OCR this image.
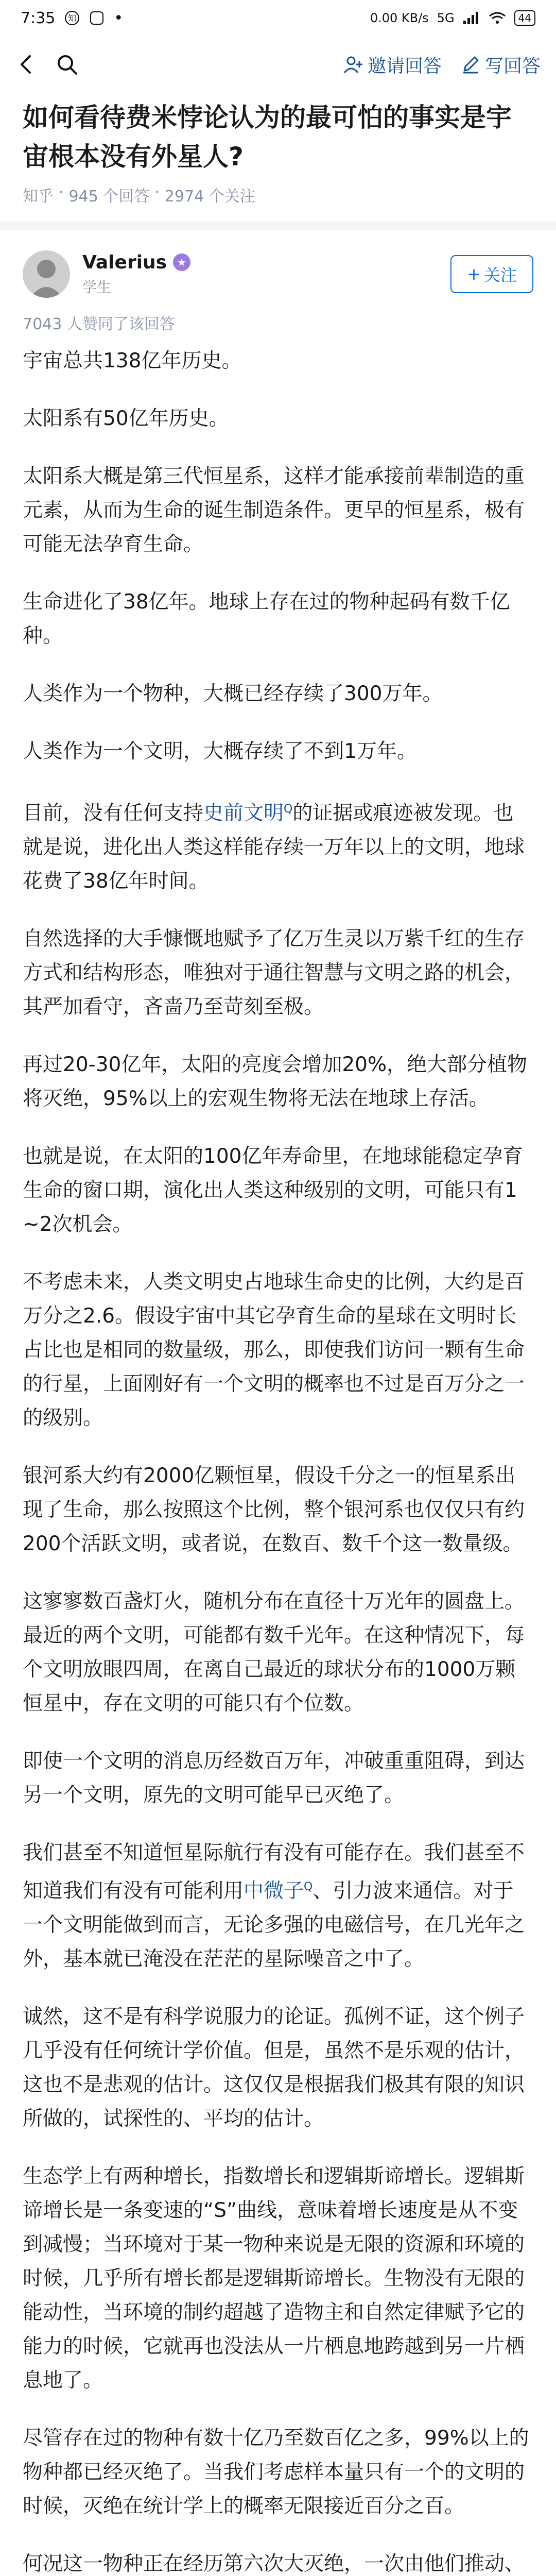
7:35 知 •	0.00 KB/s 5G	44
邀请回答 写回答
如何看待费米悖论认为的最可怕的事实是宇宙根本没有外星人?
知乎 · 945 个回答 · 2974 个关注
Valerius	★
学生
+ 关注
7043 人赞同了该回答

宇宙总共138亿年历史。

太阳系有50亿年历史。

太阳系大概是第三代恒星系，这样才能承接前辈制造的重元素，从而为生命的诞生制造条件。更早的恒星系，极有可能无法孕育生命。

生命进化了38亿年。地球上存在过的物种起码有数千亿种。

人类作为一个物种，大概已经存续了300万年。

人类作为一个文明，大概存续了不到1万年。

目前，没有任何支持史前文明$^Q$的证据或痕迹被发现。也就是说，进化出人类这样能存续一万年以上的文明，地球花费了38亿年时间。

自然选择的大手慷慨地赋予了亿万生灵以万紫千红的生存方式和结构形态，唯独对于通往智慧与文明之路的机会，其严加看守，吝啬乃至苛刻至极。

再过20-30亿年，太阳的亮度会增加20%，绝大部分植物将灭绝，95%以上的宏观生物将无法在地球上存活。

也就是说，在太阳的100亿年寿命里，在地球能稳定孕育生命的窗口期，演化出人类这种级别的文明，可能只有1~2次机会。

不考虑未来，人类文明史占地球生命史的比例，大约是百万分之2.6。假设宇宙中其它孕育生命的星球在文明时长占比也是相同的数量级，那么，即使我们访问一颗有生命的行星，上面刚好有一个文明的概率也不过是百万分之一的级别。

银河系大约有2000亿颗恒星，假设千分之一的恒星系出现了生命，那么按照这个比例，整个银河系也仅仅只有约200个活跃文明，或者说，在数百、数千个这一数量级。

这寥寥数百盏灯火，随机分布在直径十万光年的圆盘上。最近的两个文明，可能都有数千光年。在这种情况下，每个文明放眼四周，在离自己最近的球状分布的1000万颗恒星中，存在文明的可能只有个位数。

即使一个文明的消息历经数百万年，冲破重重阻碍，到达另一个文明，原先的文明可能早已灭绝了。

我们甚至不知道恒星际航行有没有可能存在。我们甚至不知道我们有没有可能利用中微子$^Q$、引力波来通信。对于一个文明能做到而言，无论多强的电磁信号，在几光年之外，基本就已淹没在茫茫的星际噪音之中了。

诚然，这不是有科学说服力的论证。孤例不证，这个例子几乎没有任何统计学价值。但是，虽然不是乐观的估计，这也不是悲观的估计。这仅仅是根据我们极其有限的知识所做的，试探性的、平均的估计。

生态学上有两种增长，指数增长和逻辑斯谛增长。逻辑斯谛增长是一条变速的“S”曲线，意味着增长速度是从不变到减慢；当环境对于某一物种来说是无限的资源和环境的时候，几乎所有增长都是逻辑斯谛增长。生物没有无限的能动性，当环境的制约超越了造物主和自然定律赋予它的能力的时候，它就再也没法从一片栖息地跨越到另一片栖息地了。

尽管存在过的物种有数十亿乃至数百亿之多，99%以上的物种都已经灭绝了。当我们考虑样本量只有一个的文明的时候，灭绝在统计学上的概率无限接近百分之百。

何况这一物种正在经历第六次大灭绝，一次由他们推动、
